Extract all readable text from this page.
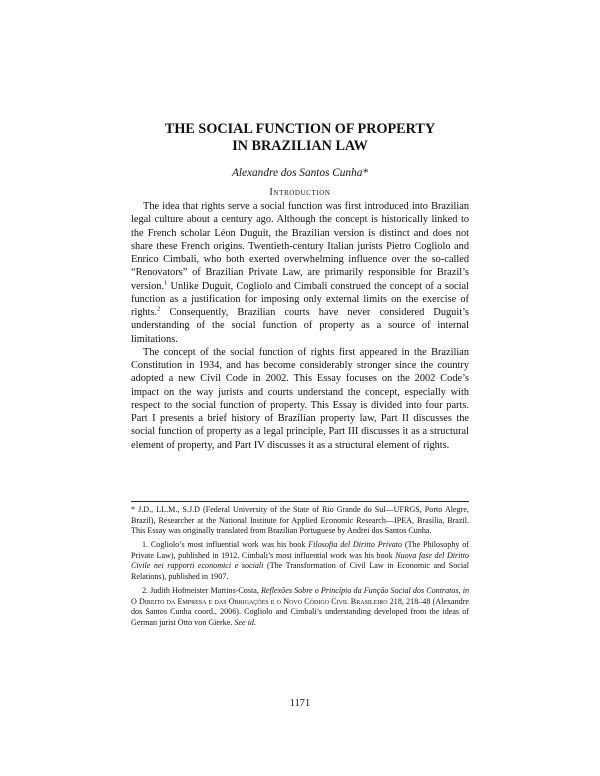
THE SOCIAL FUNCTION OF PROPERTY
IN BRAZILIAN LAW
Alexandre dos Santos Cunha*
Introduction

The idea that rights serve a social function was first introduced into Brazilian legal culture about a century ago. Although the concept is historically linked to the French scholar Léon Duguit, the Brazilian version is distinct and does not share these French origins. Twentieth-century Italian jurists Pietro Cogliolo and Enrico Cimbali, who both exerted overwhelming influence over the so-called “Renovators” of Brazilian Private Law, are primarily responsible for Brazil’s version.$^1$ Unlike Duguit, Cogliolo and Cimbali construed the concept of a social function as a justification for imposing only external limits on the exercise of rights.$^2$ Consequently, Brazilian courts have never considered Duguit’s understanding of the social function of property as a source of internal limitations.

The concept of the social function of rights first appeared in the Brazilian Constitution in 1934, and has become considerably stronger since the country adopted a new Civil Code in 2002. This Essay focuses on the 2002 Code’s impact on the way jurists and courts understand the concept, especially with respect to the social function of property. This Essay is divided into four parts. Part I presents a brief history of Brazilian property law, Part II discusses the social function of property as a legal principle, Part III discusses it as a structural element of property, and Part IV discusses it as a structural element of rights.

* J.D., LL.M., S.J.D (Federal University of the State of Rio Grande do Sul—UFRGS, Porto Alegre, Brazil), Researcher at the National Institute for Applied Economic Research—IPEA, Brasília, Brazil. This Essay was originally translated from Brazilian Portuguese by Andrei dos Santos Cunha.

1. Cogliolo’s most influential work was his book Filosofia del Diritto Privato (The Philosophy of Private Law), published in 1912. Cimbali’s most influential work was his book Nuova fase del Diritto Civile nei rapporti economici e sociali (The Transformation of Civil Law in Economic and Social Relations), published in 1907.

2. Judith Hofmeister Martins-Costa, Reflexões Sobre o Princípio da Função Social dos Contratos, in O Direito da Empresa e das Obrigações e o Novo Código Civil Brasileiro 218, 218–48 (Alexandre dos Santos Cunha coord., 2006). Cogliolo and Cimbali’s understanding developed from the ideas of German jurist Otto von Gierke. See id.

1171
